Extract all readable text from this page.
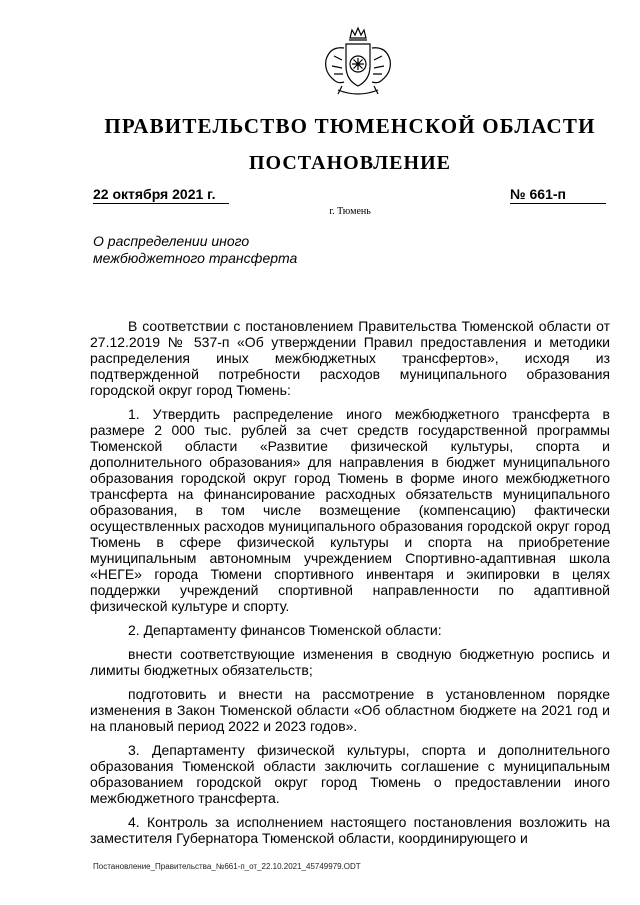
ПРАВИТЕЛЬСТВО ТЮМЕНСКОЙ ОБЛАСТИ
ПОСТАНОВЛЕНИЕ
22 октября 2021 г.	№ 661-п
г. Тюмень
О распределении иного
межбюджетного трансферта

В соответствии с постановлением Правительства Тюменской области от 27.12.2019 № 537-п «Об утверждении Правил предоставления и методики распределения иных межбюджетных трансфертов», исходя из подтвержденной потребности расходов муниципального образования городской округ город Тюмень:

1. Утвердить распределение иного межбюджетного трансферта в размере 2 000 тыс. рублей за счет средств государственной программы Тюменской области «Развитие физической культуры, спорта и дополнительного образования» для направления в бюджет муниципального образования городской округ город Тюмень в форме иного межбюджетного трансферта на финансирование расходных обязательств муниципального образования, в том числе возмещение (компенсацию) фактически осуществленных расходов муниципального образования городской округ город Тюмень в сфере физической культуры и спорта на приобретение муниципальным автономным учреждением Спортивно-адаптивная школа «НЕГЕ» города Тюмени спортивного инвентаря и экипировки в целях поддержки учреждений спортивной направленности по адаптивной физической культуре и спорту.

2. Департаменту финансов Тюменской области:

внести соответствующие изменения в сводную бюджетную роспись и лимиты бюджетных обязательств;

подготовить и внести на рассмотрение в установленном порядке изменения в Закон Тюменской области «Об областном бюджете на 2021 год и на плановый период 2022 и 2023 годов».

3. Департаменту физической культуры, спорта и дополнительного образования Тюменской области заключить соглашение с муниципальным образованием городской округ город Тюмень о предоставлении иного межбюджетного трансферта.

4. Контроль за исполнением настоящего постановления возложить на заместителя Губернатора Тюменской области, координирующего и

Постановление_Правительства_№661-п_от_22.10.2021_45749979.ODT
